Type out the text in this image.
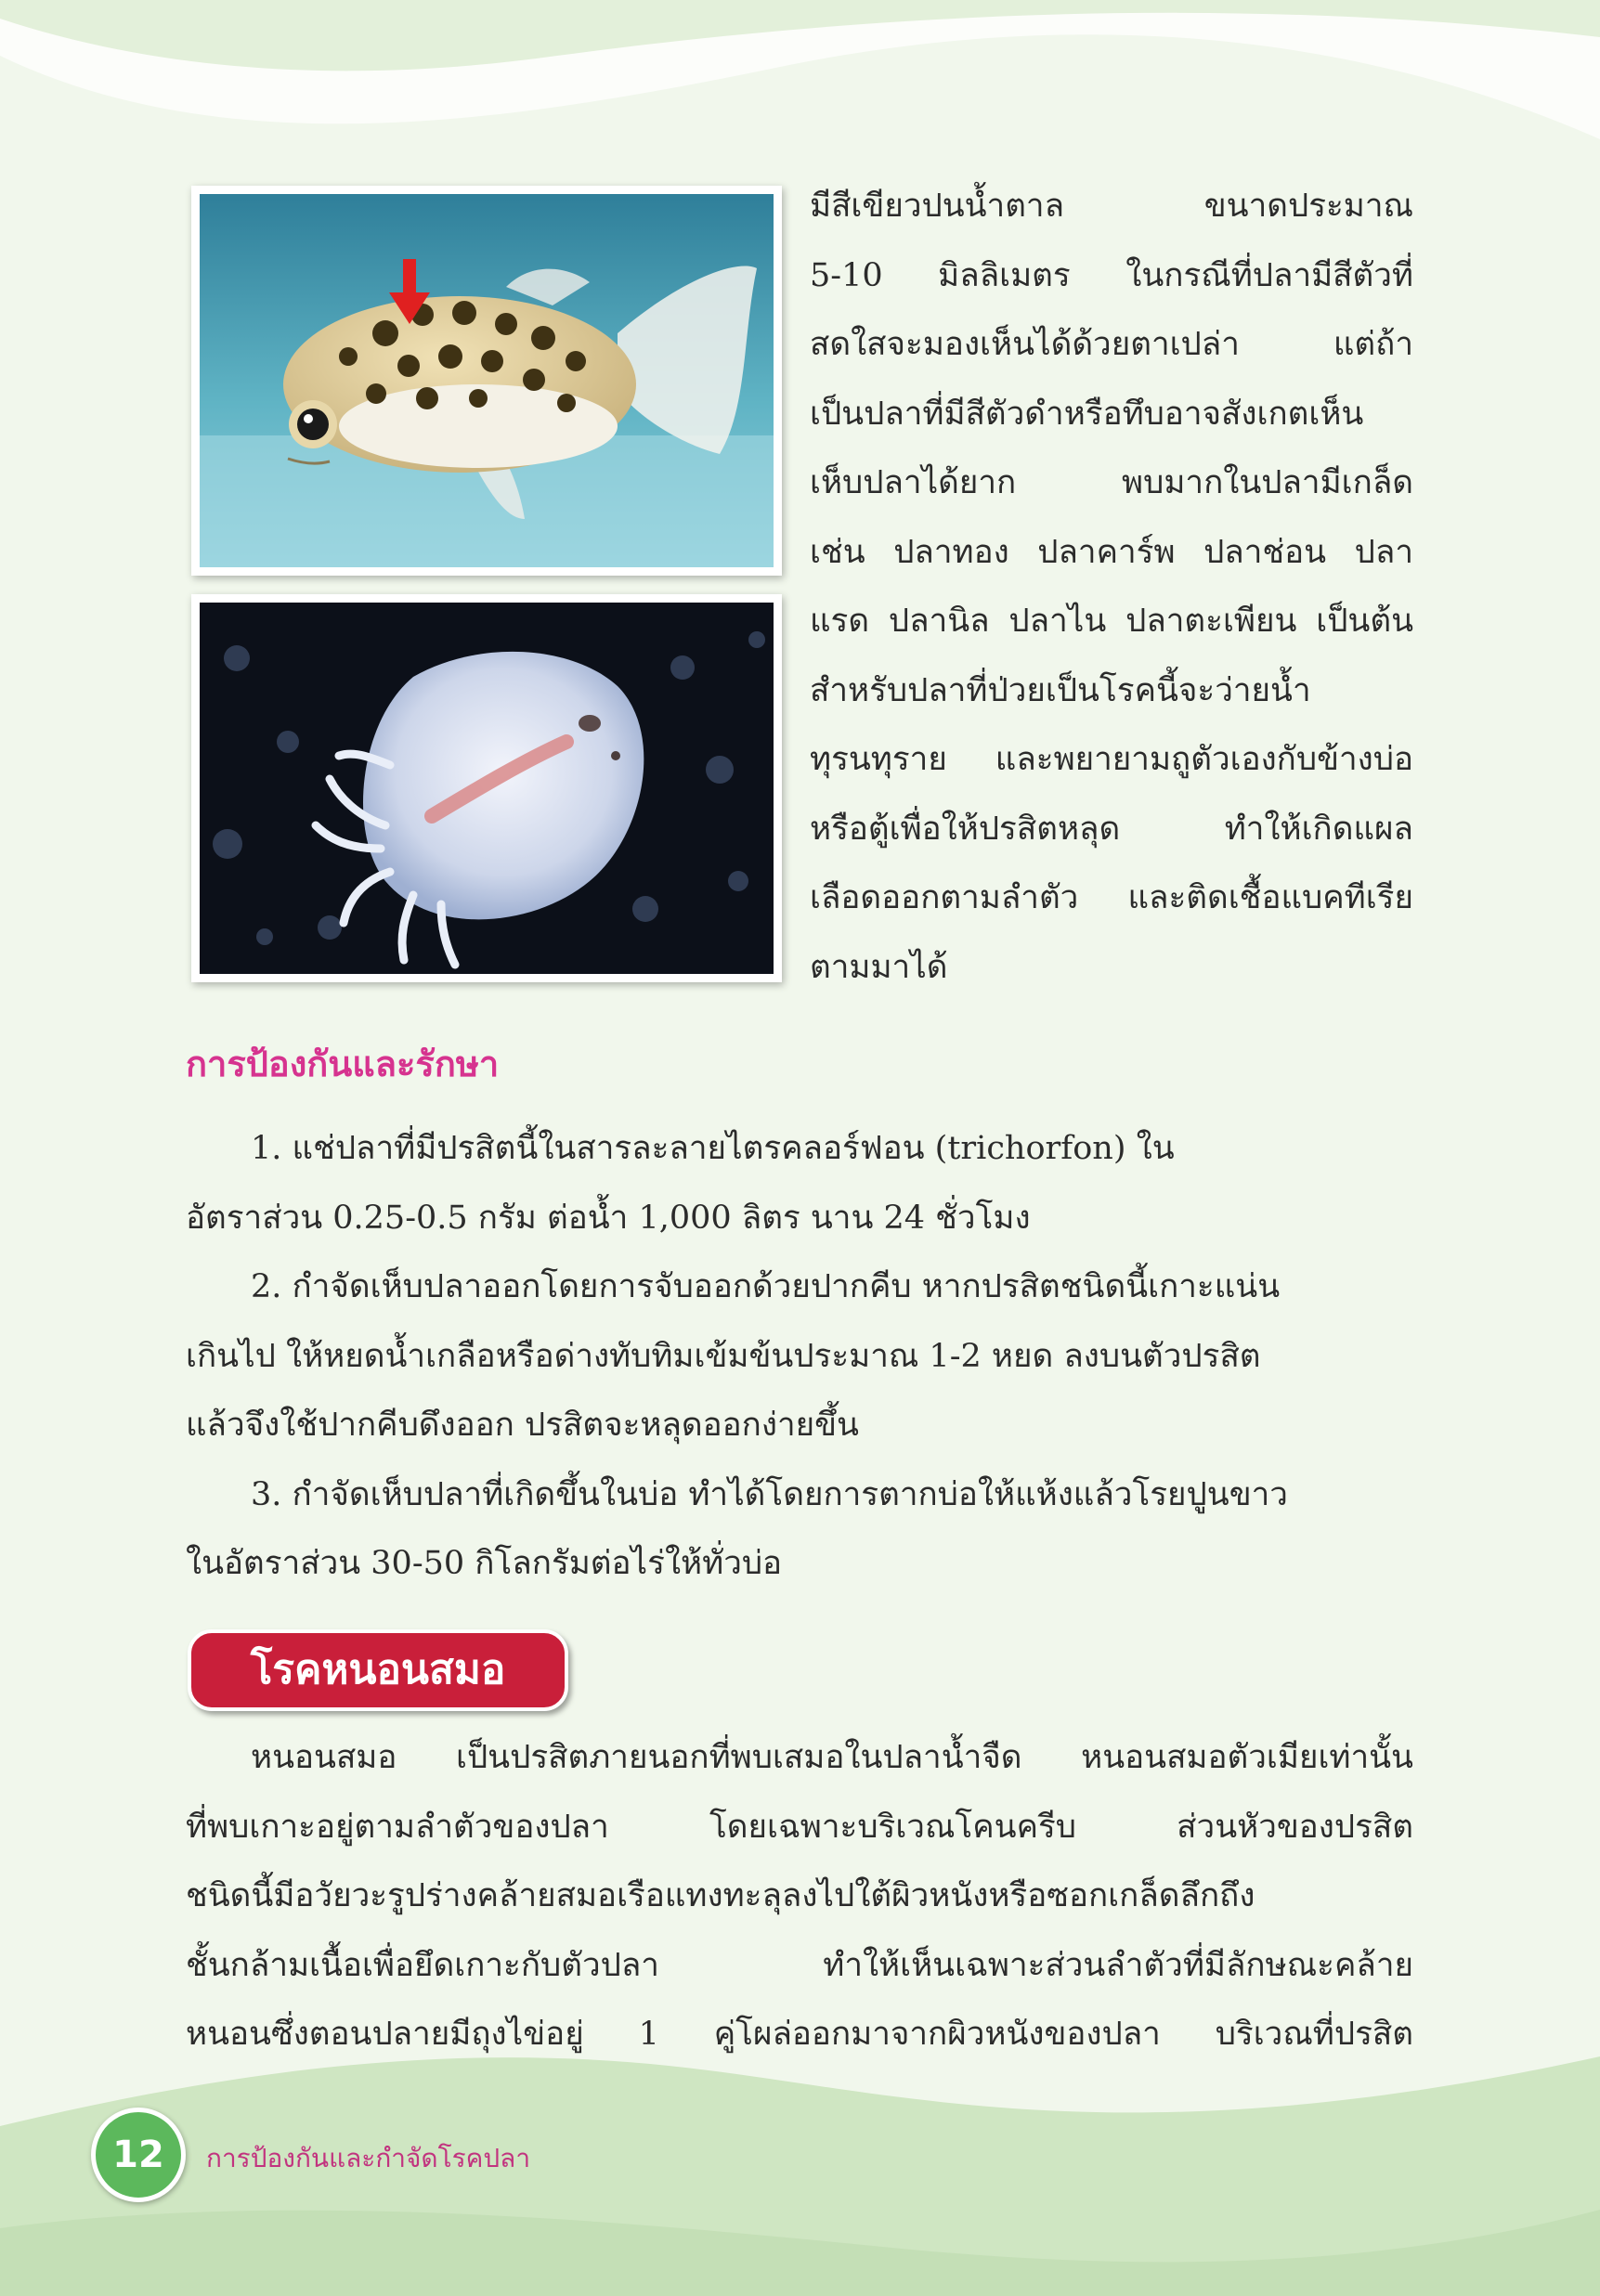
มีสีเขียวปนน้ำตาล ขนาดประมาณ
5-10 มิลลิเมตร ในกรณีที่ปลามีสีตัวที่
สดใสจะมองเห็นได้ด้วยตาเปล่า แต่ถ้า
เป็นปลาที่มีสีตัวดำหรือทึบอาจสังเกตเห็น
เห็บปลาได้ยาก พบมากในปลามีเกล็ด
เช่น ปลาทอง ปลาคาร์พ ปลาช่อน ปลา
แรด ปลานิล ปลาไน ปลาตะเพียน เป็นต้น
สำหรับปลาที่ป่วยเป็นโรคนี้จะว่ายน้ำ
ทุรนทุราย และพยายามถูตัวเองกับข้างบ่อ
หรือตู้เพื่อให้ปรสิตหลุด ทำให้เกิดแผล
เลือดออกตามลำตัว และติดเชื้อแบคทีเรีย
ตามมาได้
การป้องกันและรักษา
1. แช่ปลาที่มีปรสิตนี้ในสารละลายไตรคลอร์ฟอน (trichorfon) ใน
อัตราส่วน 0.25-0.5 กรัม ต่อน้ำ 1,000 ลิตร นาน 24 ชั่วโมง
2. กำจัดเห็บปลาออกโดยการจับออกด้วยปากคีบ หากปรสิตชนิดนี้เกาะแน่น
เกินไป ให้หยดน้ำเกลือหรือด่างทับทิมเข้มข้นประมาณ 1-2 หยด ลงบนตัวปรสิต
แล้วจึงใช้ปากคีบดึงออก ปรสิตจะหลุดออกง่ายขึ้น
3. กำจัดเห็บปลาที่เกิดขึ้นในบ่อ ทำได้โดยการตากบ่อให้แห้งแล้วโรยปูนขาว
ในอัตราส่วน 30-50 กิโลกรัมต่อไร่ให้ทั่วบ่อ
โรคหนอนสมอ
หนอนสมอ เป็นปรสิตภายนอกที่พบเสมอในปลาน้ำจืด หนอนสมอตัวเมียเท่านั้น
ที่พบเกาะอยู่ตามลำตัวของปลา โดยเฉพาะบริเวณโคนครีบ ส่วนหัวของปรสิต
ชนิดนี้มีอวัยวะรูปร่างคล้ายสมอเรือแทงทะลุลงไปใต้ผิวหนังหรือซอกเกล็ดลึกถึง
ชั้นกล้ามเนื้อเพื่อยึดเกาะกับตัวปลา ทำให้เห็นเฉพาะส่วนลำตัวที่มีลักษณะคล้าย
หนอนซึ่งตอนปลายมีถุงไข่อยู่ 1 คู่โผล่ออกมาจากผิวหนังของปลา บริเวณที่ปรสิต
12	การป้องกันและกำจัดโรคปลา
